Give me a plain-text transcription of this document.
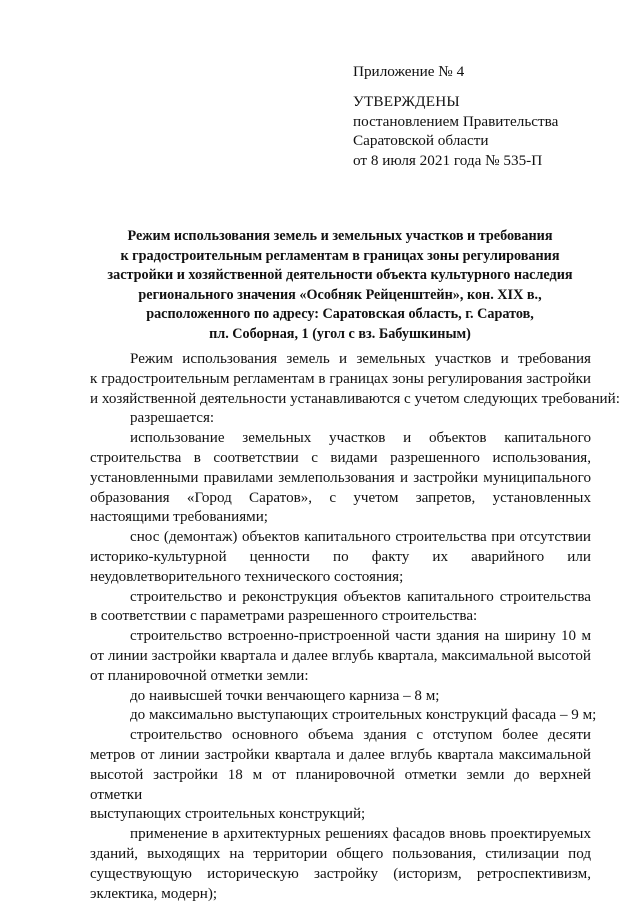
Приложение № 4
УТВЕРЖДЕНЫ
постановлением Правительства
Саратовской области
от 8 июля 2021 года № 535-П
Режим использования земель и земельных участков и требования
к градостроительным регламентам в границах зоны регулирования
застройки и хозяйственной деятельности объекта культурного наследия
регионального значения «Особняк Рейценштейн», кон. XIX в.,
расположенного по адресу: Саратовская область, г. Саратов,
пл. Соборная, 1 (угол с вз. Бабушкиным)
Режим использования земель и земельных участков и требования
к градостроительным регламентам в границах зоны регулирования застройки
и хозяйственной деятельности устанавливаются с учетом следующих требований:
разрешается:
использование земельных участков и объектов капитального
строительства в соответствии с видами разрешенного использования,
установленными правилами землепользования и застройки муниципального
образования «Город Саратов», с учетом запретов, установленных
настоящими требованиями;
снос (демонтаж) объектов капитального строительства при отсутствии
историко-культурной ценности по факту их аварийного или
неудовлетворительного технического состояния;
строительство и реконструкция объектов капитального строительства
в соответствии с параметрами разрешенного строительства:
строительство встроенно-пристроенной части здания на ширину 10 м
от линии застройки квартала и далее вглубь квартала, максимальной высотой
от планировочной отметки земли:
до наивысшей точки венчающего карниза – 8 м;
до максимально выступающих строительных конструкций фасада – 9 м;
строительство основного объема здания с отступом более десяти
метров от линии застройки квартала и далее вглубь квартала максимальной
высотой застройки 18 м от планировочной отметки земли до верхней отметки
выступающих строительных конструкций;
применение в архитектурных решениях фасадов вновь проектируемых
зданий, выходящих на территории общего пользования, стилизации под
существующую историческую застройку (историзм, ретроспективизм,
эклектика, модерн);
